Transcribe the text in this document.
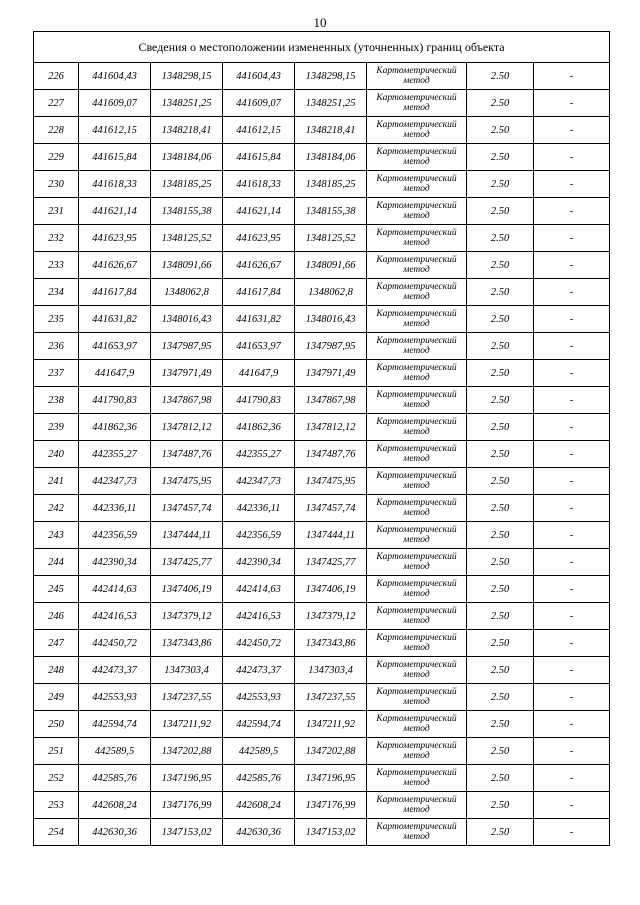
10
Сведения о местоположении измененных (уточненных) границ объекта							
226	441604,43	1348298,15	441604,43	1348298,15	Картометрический
метод	2.50	-
227	441609,07	1348251,25	441609,07	1348251,25	Картометрический
метод	2.50	-
228	441612,15	1348218,41	441612,15	1348218,41	Картометрический
метод	2.50	-
229	441615,84	1348184,06	441615,84	1348184,06	Картометрический
метод	2.50	-
230	441618,33	1348185,25	441618,33	1348185,25	Картометрический
метод	2.50	-
231	441621,14	1348155,38	441621,14	1348155,38	Картометрический
метод	2.50	-
232	441623,95	1348125,52	441623,95	1348125,52	Картометрический
метод	2.50	-
233	441626,67	1348091,66	441626,67	1348091,66	Картометрический
метод	2.50	-
234	441617,84	1348062,8	441617,84	1348062,8	Картометрический
метод	2.50	-
235	441631,82	1348016,43	441631,82	1348016,43	Картометрический
метод	2.50	-
236	441653,97	1347987,95	441653,97	1347987,95	Картометрический
метод	2.50	-
237	441647,9	1347971,49	441647,9	1347971,49	Картометрический
метод	2.50	-
238	441790,83	1347867,98	441790,83	1347867,98	Картометрический
метод	2.50	-
239	441862,36	1347812,12	441862,36	1347812,12	Картометрический
метод	2.50	-
240	442355,27	1347487,76	442355,27	1347487,76	Картометрический
метод	2.50	-
241	442347,73	1347475,95	442347,73	1347475,95	Картометрический
метод	2.50	-
242	442336,11	1347457,74	442336,11	1347457,74	Картометрический
метод	2.50	-
243	442356,59	1347444,11	442356,59	1347444,11	Картометрический
метод	2.50	-
244	442390,34	1347425,77	442390,34	1347425,77	Картометрический
метод	2.50	-
245	442414,63	1347406,19	442414,63	1347406,19	Картометрический
метод	2.50	-
246	442416,53	1347379,12	442416,53	1347379,12	Картометрический
метод	2.50	-
247	442450,72	1347343,86	442450,72	1347343,86	Картометрический
метод	2.50	-
248	442473,37	1347303,4	442473,37	1347303,4	Картометрический
метод	2.50	-
249	442553,93	1347237,55	442553,93	1347237,55	Картометрический
метод	2.50	-
250	442594,74	1347211,92	442594,74	1347211,92	Картометрический
метод	2.50	-
251	442589,5	1347202,88	442589,5	1347202,88	Картометрический
метод	2.50	-
252	442585,76	1347196,95	442585,76	1347196,95	Картометрический
метод	2.50	-
253	442608,24	1347176,99	442608,24	1347176,99	Картометрический
метод	2.50	-
254	442630,36	1347153,02	442630,36	1347153,02	Картометрический
метод	2.50	-
